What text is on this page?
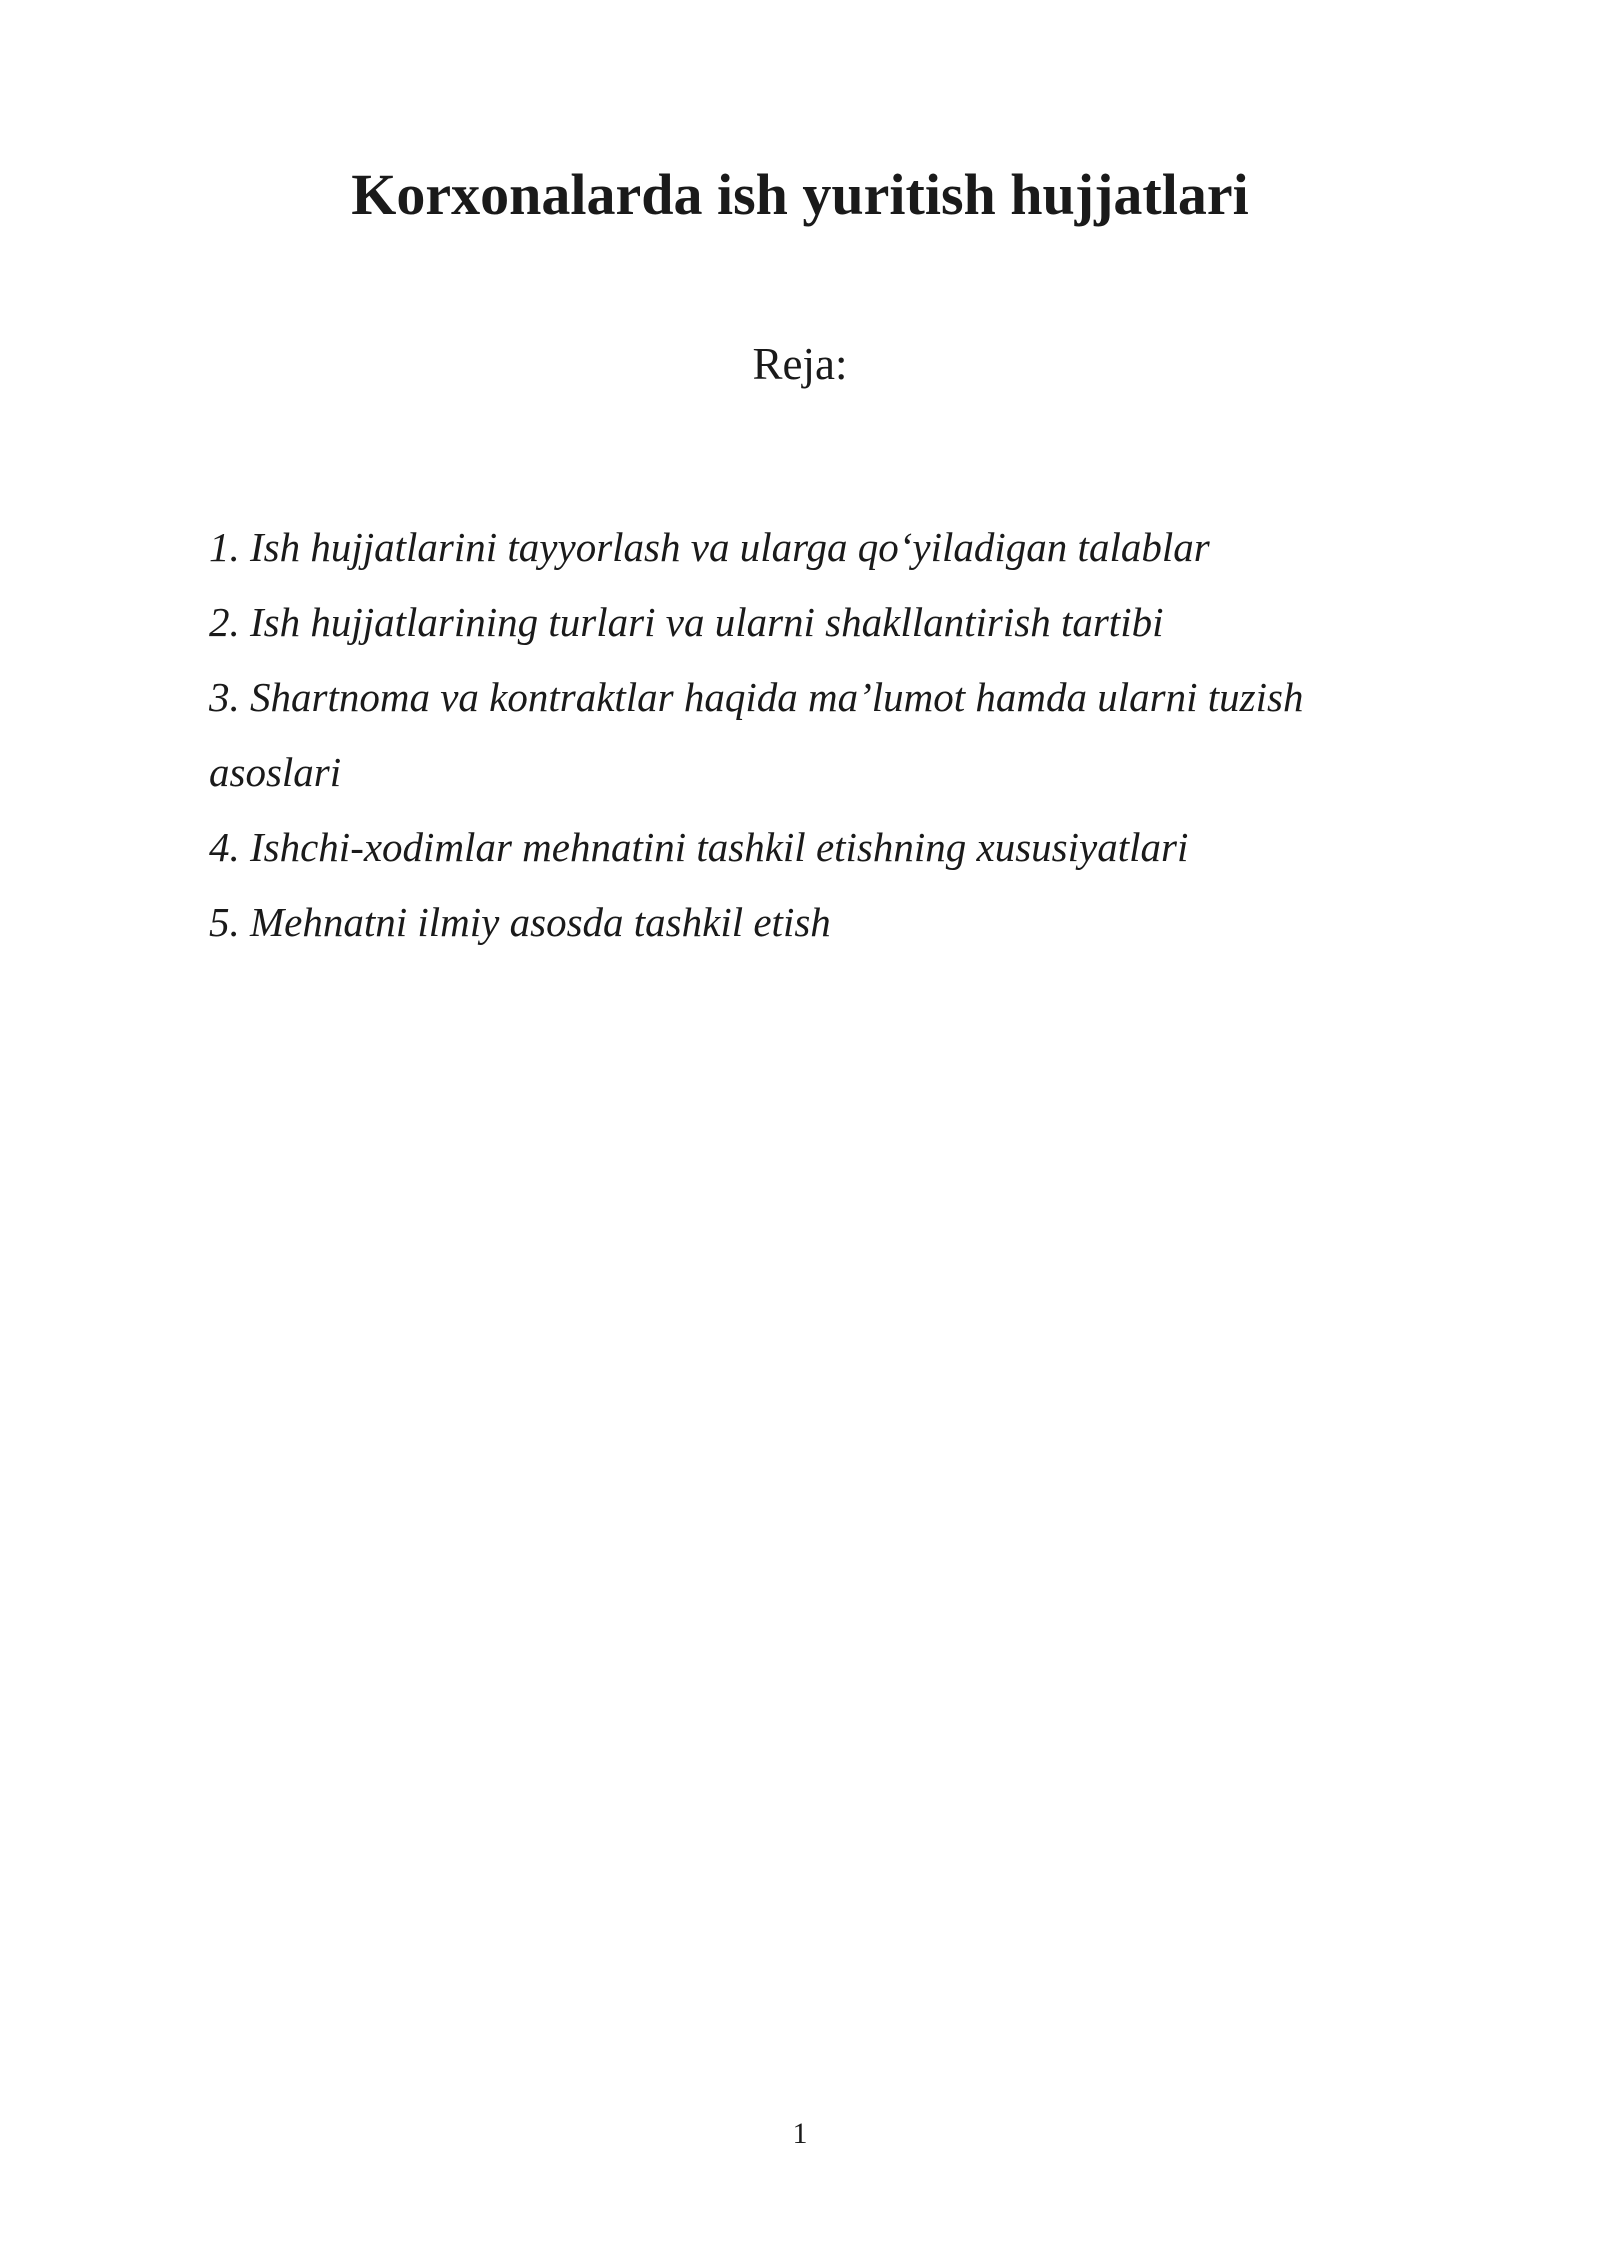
Korxonalarda ish yuritish hujjatlari
Reja:
1. Ish hujjatlarini tayyorlash va ularga qo‘yiladigan talablar
2. Ish hujjatlarining turlari va ularni shakllantirish tartibi
3. Shartnoma va kontraktlar haqida ma’lumot hamda ularni tuzish asoslari
4. Ishchi-xodimlar mehnatini tashkil etishning xususiyatlari
5. Mehnatni ilmiy asosda tashkil etish
1
